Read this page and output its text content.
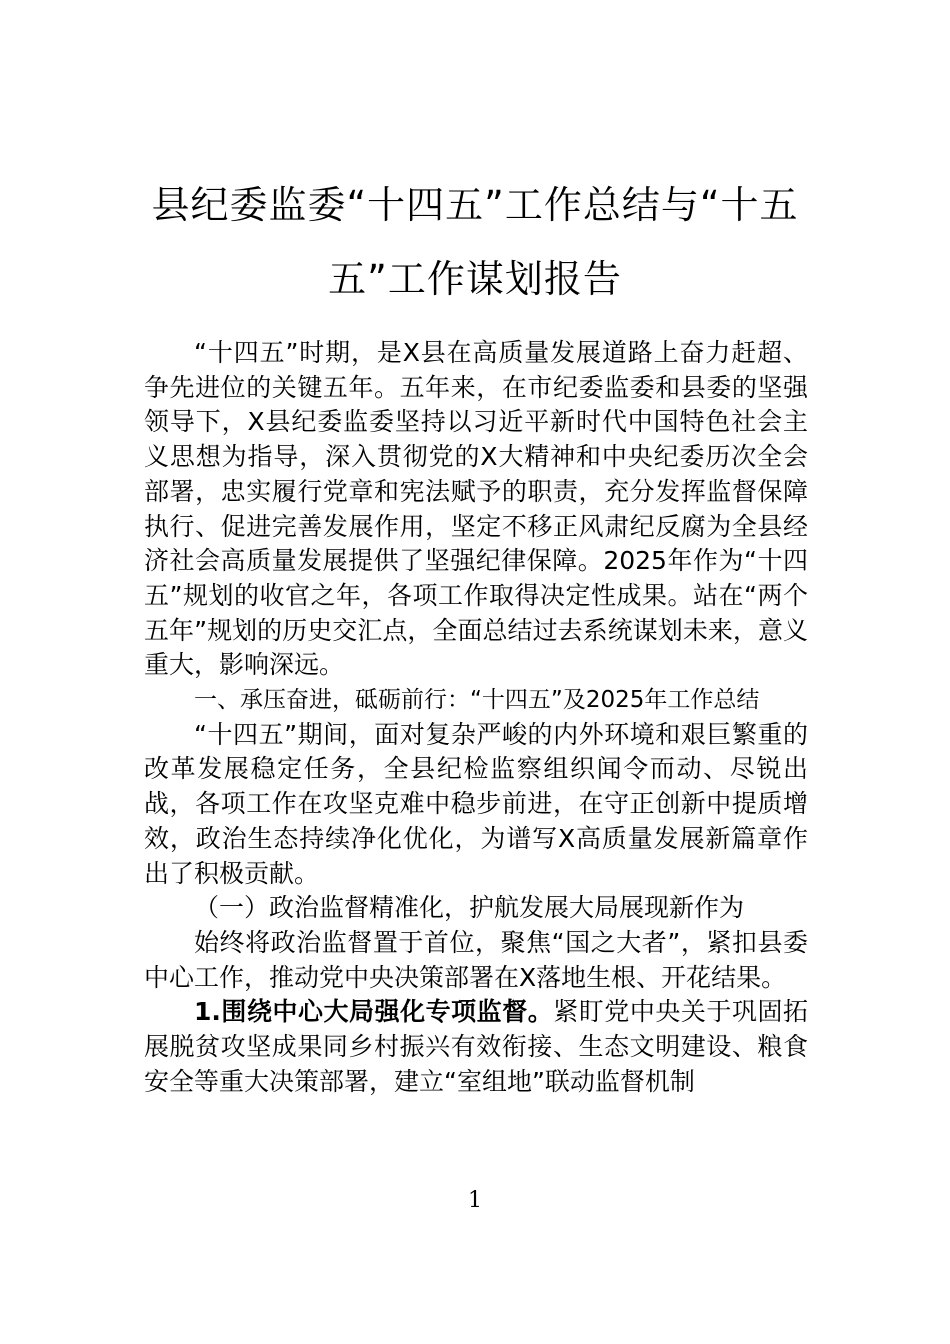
县纪委监委“十四五”工作总结与“十五
五”工作谋划报告

“十四五”时期，是X县在高质量发展道路上奋力赶超、争先进位的关键五年。五年来，在市纪委监委和县委的坚强领导下，X县纪委监委坚持以习近平新时代中国特色社会主义思想为指导，深入贯彻党的X大精神和中央纪委历次全会部署，忠实履行党章和宪法赋予的职责，充分发挥监督保障执行、促进完善发展作用，坚定不移正风肃纪反腐为全县经济社会高质量发展提供了坚强纪律保障。2025年作为“十四五”规划的收官之年，各项工作取得决定性成果。站在“两个五年”规划的历史交汇点，全面总结过去系统谋划未来，意义重大，影响深远。

一、承压奋进，砥砺前行：“十四五”及2025年工作总结

“十四五”期间，面对复杂严峻的内外环境和艰巨繁重的改革发展稳定任务，全县纪检监察组织闻令而动、尽锐出战，各项工作在攻坚克难中稳步前进，在守正创新中提质增效，政治生态持续净化优化，为谱写X高质量发展新篇章作出了积极贡献。

（一）政治监督精准化，护航发展大局展现新作为

始终将政治监督置于首位，聚焦“国之大者”，紧扣县委中心工作，推动党中央决策部署在X落地生根、开花结果。

1.围绕中心大局强化专项监督。紧盯党中央关于巩固拓展脱贫攻坚成果同乡村振兴有效衔接、生态文明建设、粮食安全等重大决策部署，建立“室组地”联动监督机制

1
